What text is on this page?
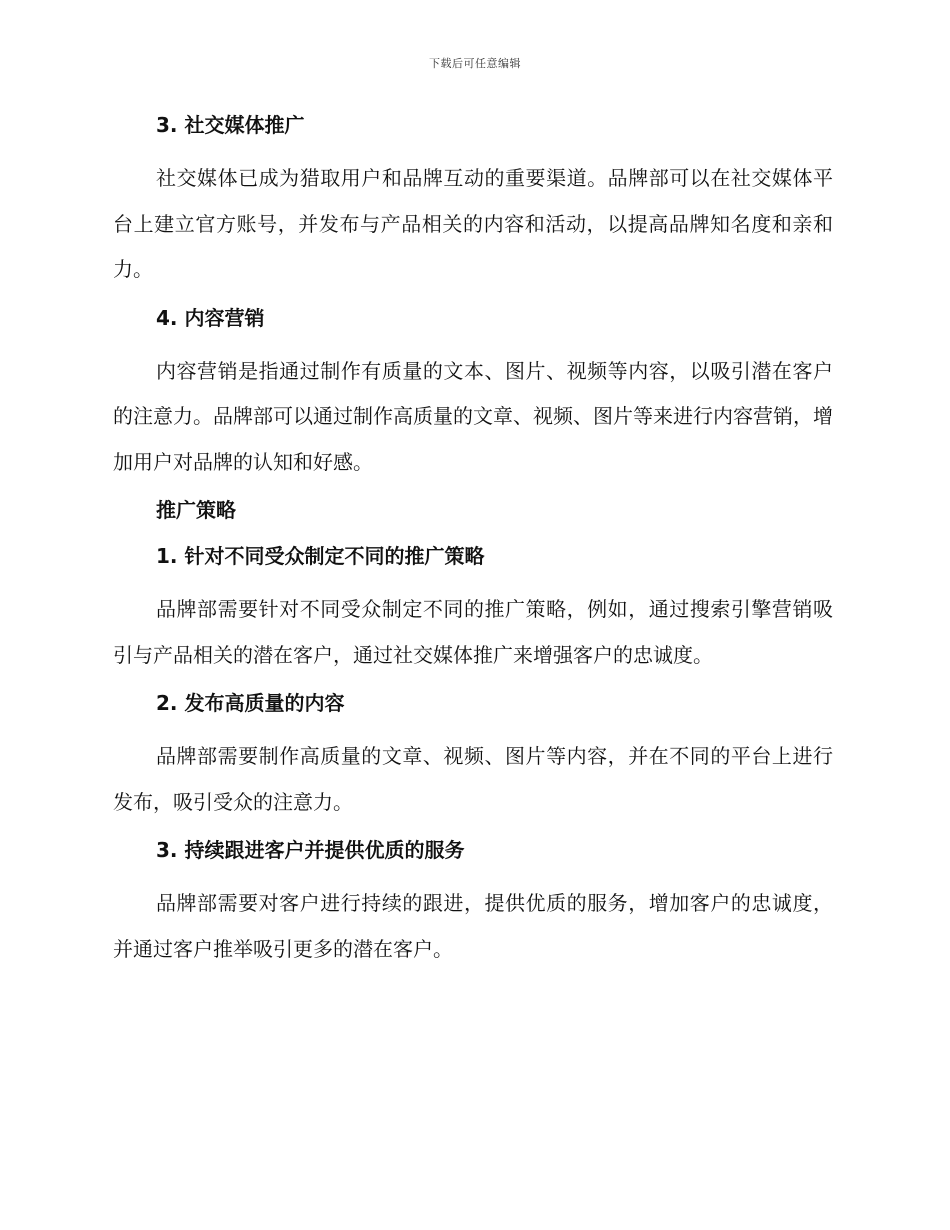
下载后可任意编辑
3. 社交媒体推广

社交媒体已成为猎取用户和品牌互动的重要渠道。品牌部可以在社交媒体平台上建立官方账号，并发布与产品相关的内容和活动，以提高品牌知名度和亲和力。

4. 内容营销

内容营销是指通过制作有质量的文本、图片、视频等内容，以吸引潜在客户的注意力。品牌部可以通过制作高质量的文章、视频、图片等来进行内容营销，增加用户对品牌的认知和好感。

推广策略
1. 针对不同受众制定不同的推广策略

品牌部需要针对不同受众制定不同的推广策略，例如，通过搜索引擎营销吸引与产品相关的潜在客户，通过社交媒体推广来增强客户的忠诚度。

2. 发布高质量的内容

品牌部需要制作高质量的文章、视频、图片等内容，并在不同的平台上进行发布，吸引受众的注意力。

3. 持续跟进客户并提供优质的服务

品牌部需要对客户进行持续的跟进，提供优质的服务，增加客户的忠诚度，并通过客户推举吸引更多的潜在客户。
